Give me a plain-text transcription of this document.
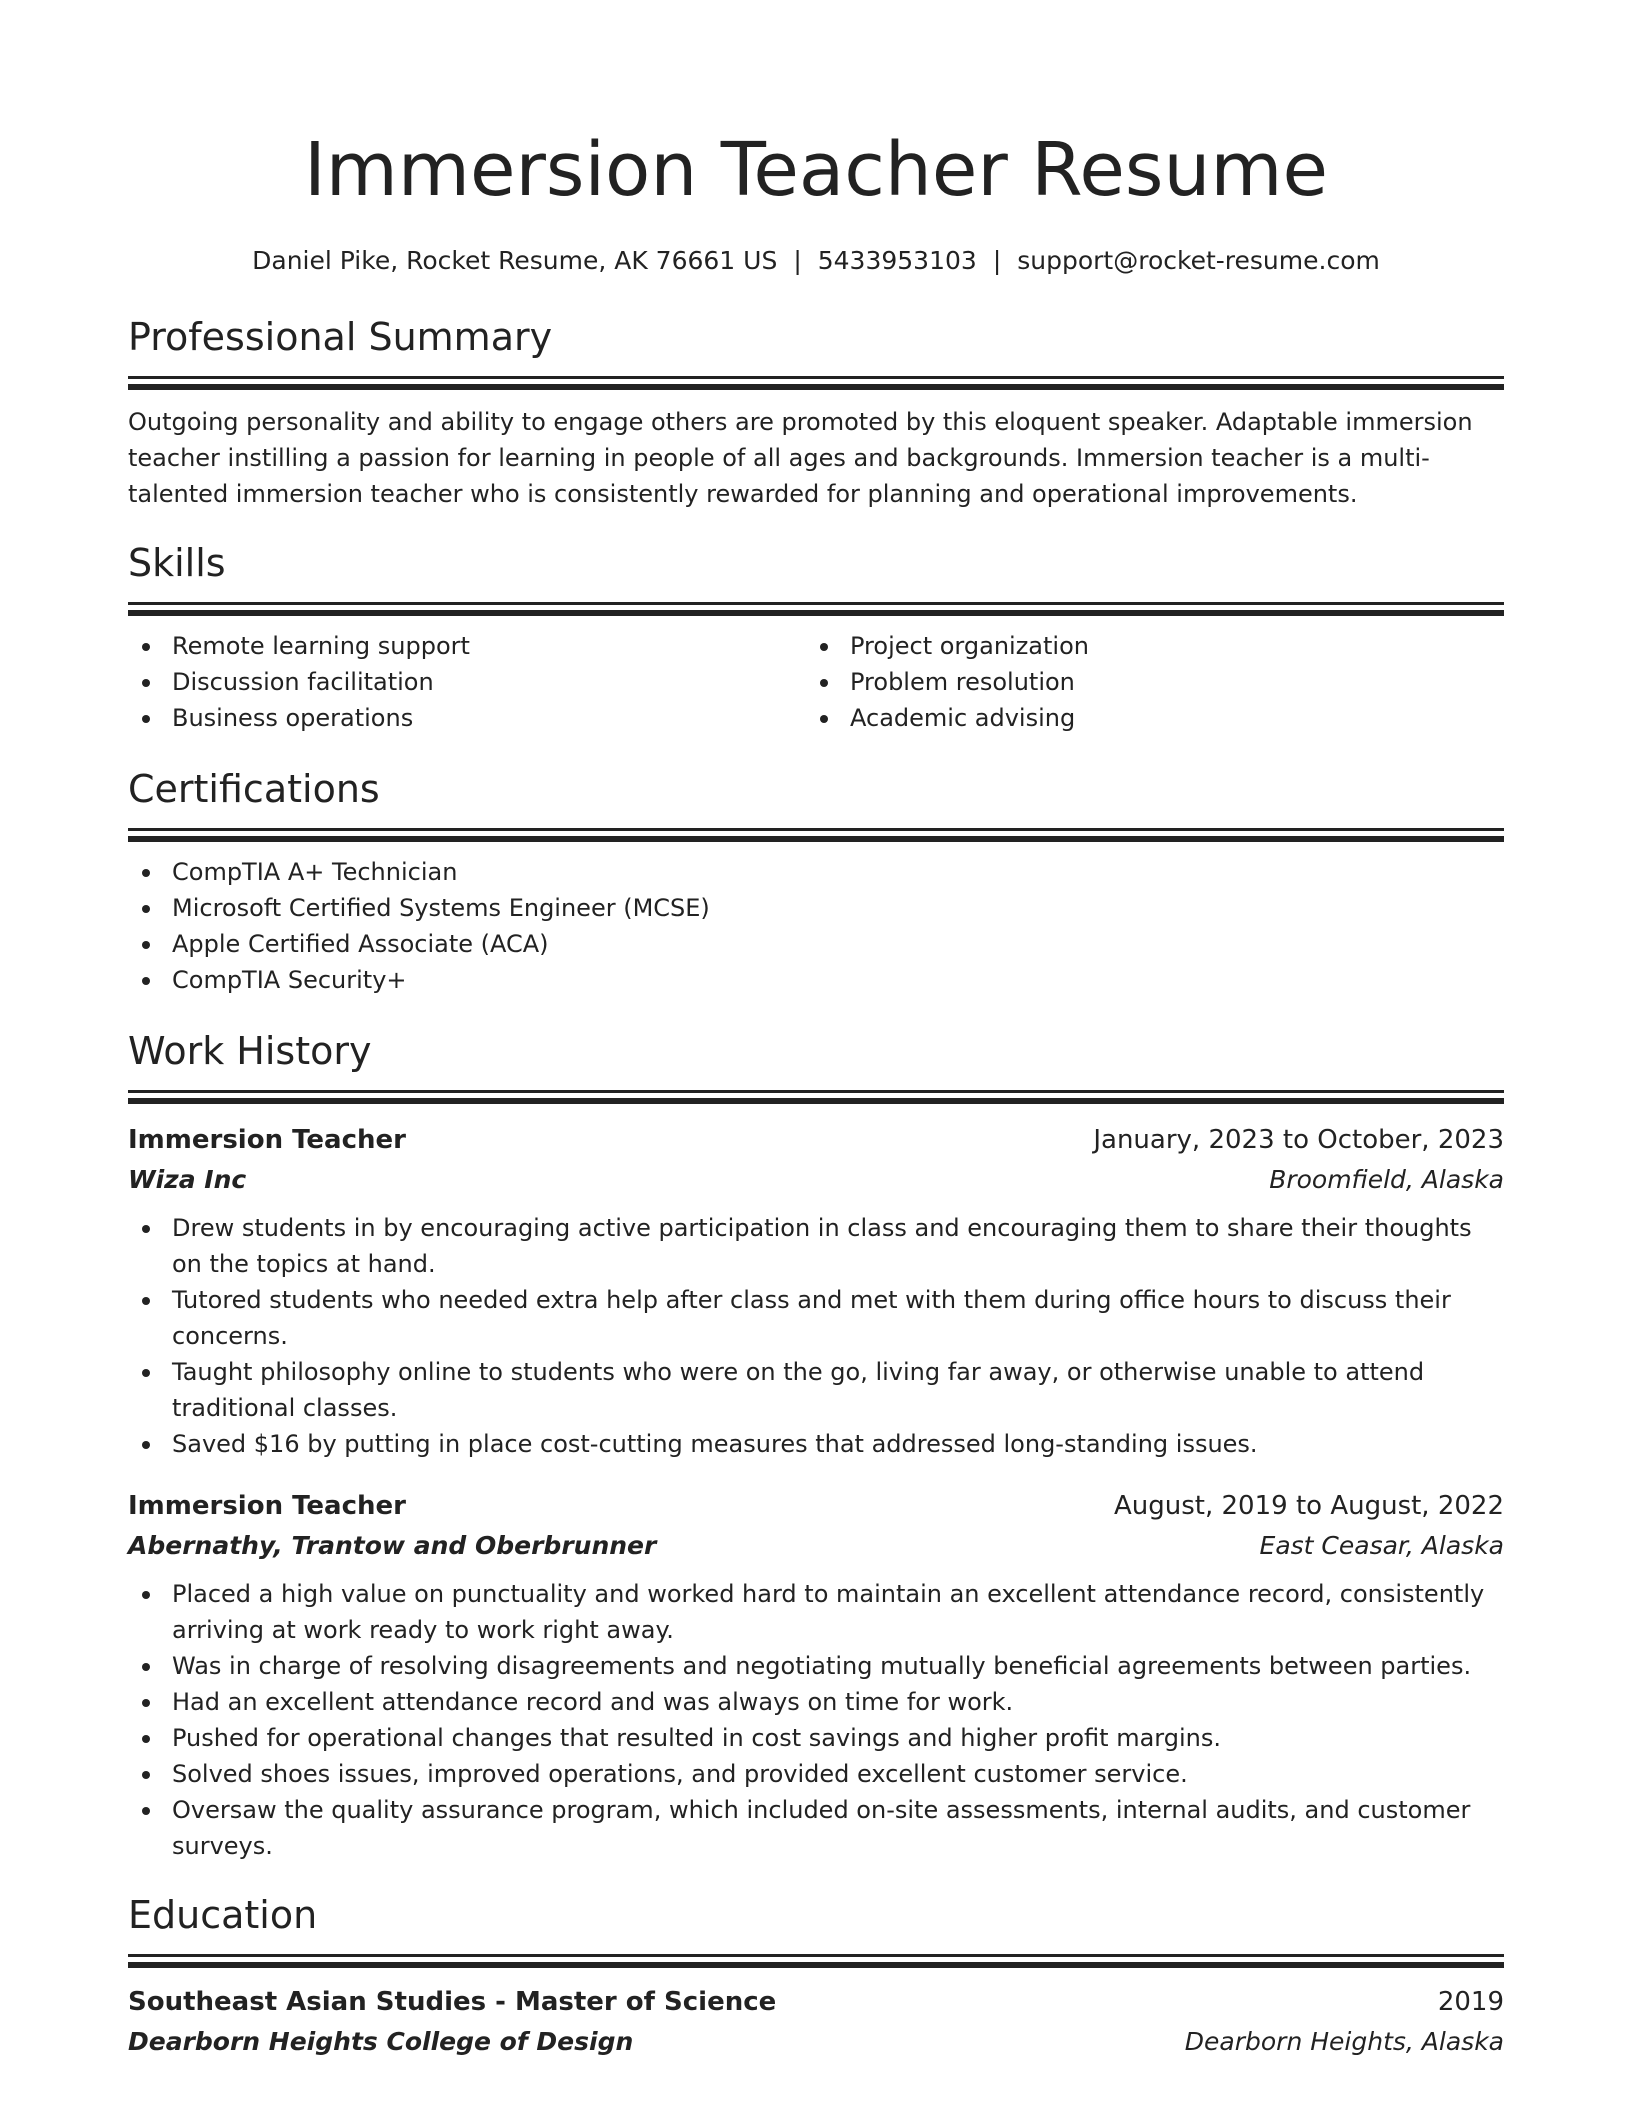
Immersion Teacher Resume
Daniel Pike, Rocket Resume, AK 76661 US | 5433953103 | support@rocket-resume.com
Professional Summary

Outgoing personality and ability to engage others are promoted by this eloquent speaker. Adaptable immersion teacher instilling a passion for learning in people of all ages and backgrounds. Immersion teacher is a multi-talented immersion teacher who is consistently rewarded for planning and operational improvements.

Skills
Remote learning support
Discussion facilitation
Business operations
Project organization
Problem resolution
Academic advising
Certifications
CompTIA A+ Technician
Microsoft Certified Systems Engineer (MCSE)
Apple Certified Associate (ACA)
CompTIA Security+
Work History
Immersion Teacher	January, 2023 to October, 2023
Wiza Inc	Broomfield, Alaska
Drew students in by encouraging active participation in class and encouraging them to share their thoughts on the topics at hand.
Tutored students who needed extra help after class and met with them during office hours to discuss their concerns.
Taught philosophy online to students who were on the go, living far away, or otherwise unable to attend traditional classes.
Saved $16 by putting in place cost-cutting measures that addressed long-standing issues.
Immersion Teacher	August, 2019 to August, 2022
Abernathy, Trantow and Oberbrunner	East Ceasar, Alaska
Placed a high value on punctuality and worked hard to maintain an excellent attendance record, consistently arriving at work ready to work right away.
Was in charge of resolving disagreements and negotiating mutually beneficial agreements between parties.
Had an excellent attendance record and was always on time for work.
Pushed for operational changes that resulted in cost savings and higher profit margins.
Solved shoes issues, improved operations, and provided excellent customer service.
Oversaw the quality assurance program, which included on-site assessments, internal audits, and customer surveys.
Education
Southeast Asian Studies - Master of Science	2019
Dearborn Heights College of Design	Dearborn Heights, Alaska
